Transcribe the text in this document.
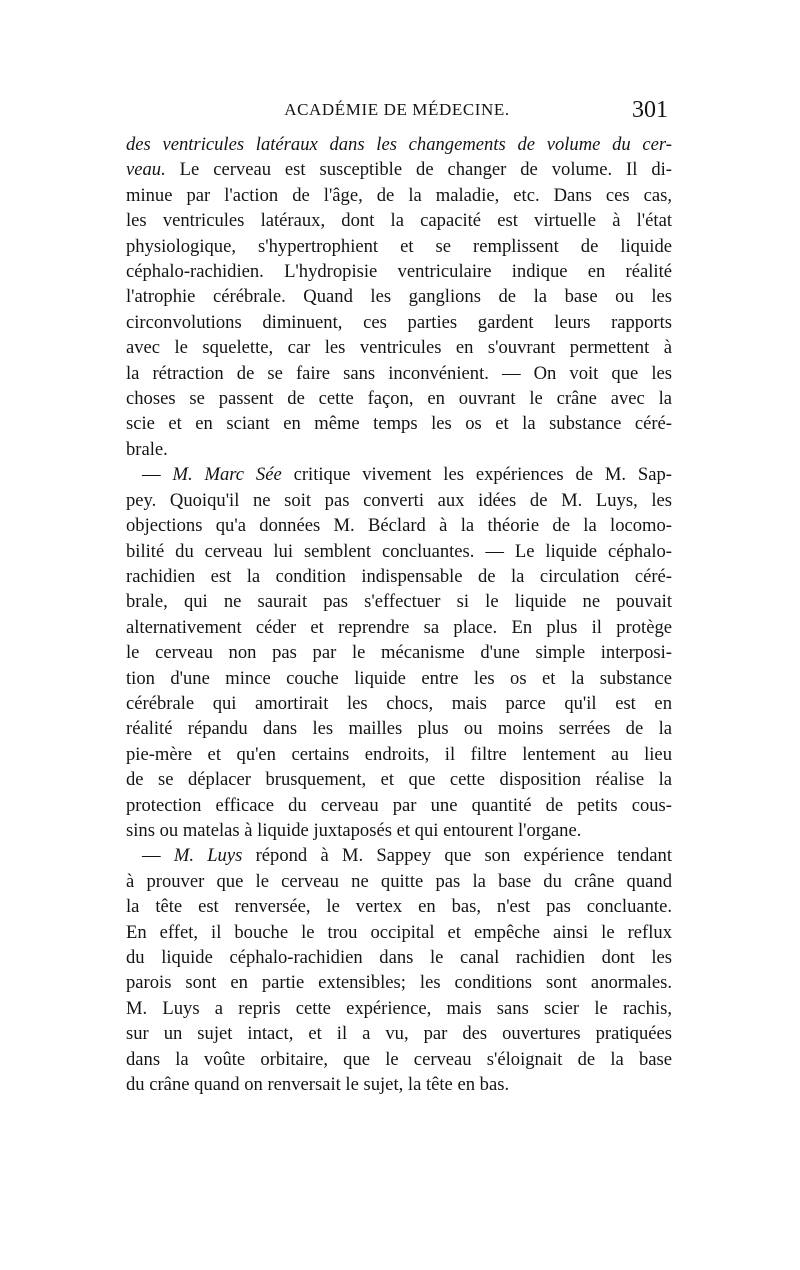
ACADÉMIE DE MÉDECINE.	301
des ventricules latéraux dans les changements de volume du cer-
veau. Le cerveau est susceptible de changer de volume. Il di-
minue par l'action de l'âge, de la maladie, etc. Dans ces cas,
les ventricules latéraux, dont la capacité est virtuelle à l'état
physiologique, s'hypertrophient et se remplissent de liquide
céphalo-rachidien. L'hydropisie ventriculaire indique en réalité
l'atrophie cérébrale. Quand les ganglions de la base ou les
circonvolutions diminuent, ces parties gardent leurs rapports
avec le squelette, car les ventricules en s'ouvrant permettent à
la rétraction de se faire sans inconvénient. — On voit que les
choses se passent de cette façon, en ouvrant le crâne avec la
scie et en sciant en même temps les os et la substance céré-
brale.
— M. Marc Sée critique vivement les expériences de M. Sap-
pey. Quoiqu'il ne soit pas converti aux idées de M. Luys, les
objections qu'a données M. Béclard à la théorie de la locomo-
bilité du cerveau lui semblent concluantes. — Le liquide céphalo-
rachidien est la condition indispensable de la circulation céré-
brale, qui ne saurait pas s'effectuer si le liquide ne pouvait
alternativement céder et reprendre sa place. En plus il protège
le cerveau non pas par le mécanisme d'une simple interposi-
tion d'une mince couche liquide entre les os et la substance
cérébrale qui amortirait les chocs, mais parce qu'il est en
réalité répandu dans les mailles plus ou moins serrées de la
pie-mère et qu'en certains endroits, il filtre lentement au lieu
de se déplacer brusquement, et que cette disposition réalise la
protection efficace du cerveau par une quantité de petits cous-
sins ou matelas à liquide juxtaposés et qui entourent l'organe.
— M. Luys répond à M. Sappey que son expérience tendant
à prouver que le cerveau ne quitte pas la base du crâne quand
la tête est renversée, le vertex en bas, n'est pas concluante.
En effet, il bouche le trou occipital et empêche ainsi le reflux
du liquide céphalo-rachidien dans le canal rachidien dont les
parois sont en partie extensibles; les conditions sont anormales.
M. Luys a repris cette expérience, mais sans scier le rachis,
sur un sujet intact, et il a vu, par des ouvertures pratiquées
dans la voûte orbitaire, que le cerveau s'éloignait de la base
du crâne quand on renversait le sujet, la tête en bas.
